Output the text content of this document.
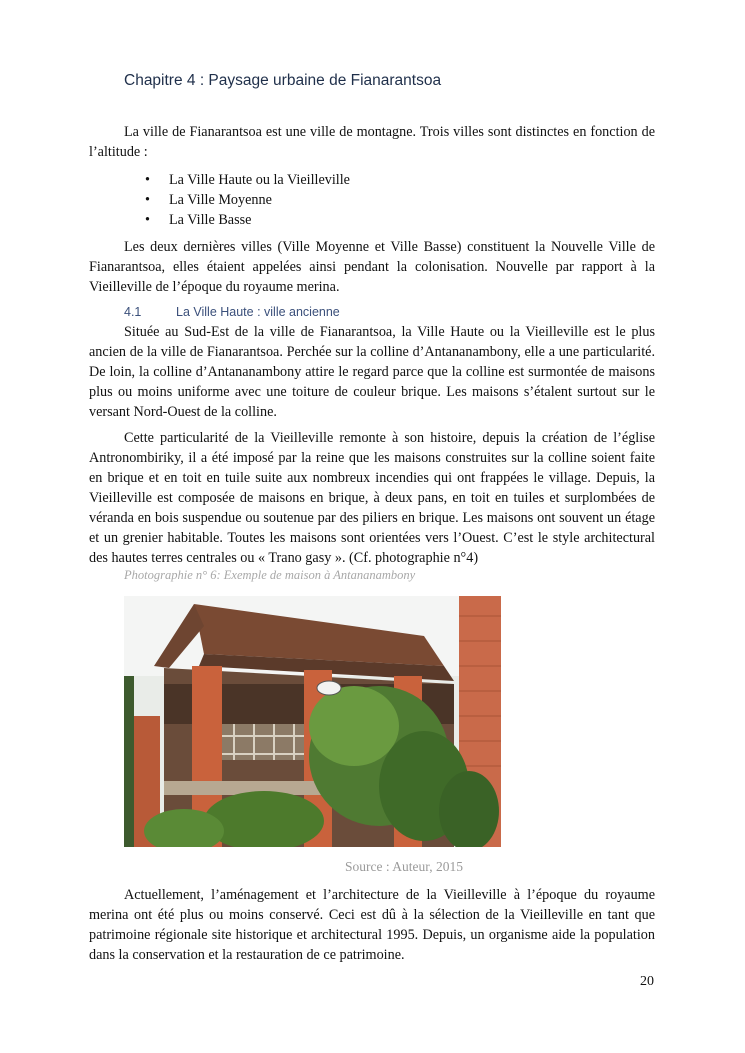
Chapitre 4 : Paysage urbaine de Fianarantsoa

La ville de Fianarantsoa est une ville de montagne. Trois villes sont distinctes en fonction de l’altitude :

• La Ville Haute ou la Vieilleville
• La Ville Moyenne
• La Ville Basse

Les deux dernières villes (Ville Moyenne et Ville Basse) constituent la Nouvelle Ville de Fianarantsoa, elles étaient appelées ainsi pendant la colonisation. Nouvelle par rapport à la Vieilleville de l’époque du royaume merina.

4.1	La Ville Haute : ville ancienne

Située au Sud-Est de la ville de Fianarantsoa, la Ville Haute ou la Vieilleville est le plus ancien de la ville de Fianarantsoa. Perchée sur la colline d’Antananambony, elle a une particularité. De loin, la colline d’Antananambony attire le regard parce que la colline est surmontée de maisons plus ou moins uniforme avec une toiture de couleur brique. Les maisons s’étalent surtout sur le versant Nord-Ouest de la colline.

Cette particularité de la Vieilleville remonte à son histoire, depuis la création de l’église Antronombiriky, il a été imposé par la reine que les maisons construites sur la colline soient faite en brique et en toit en tuile suite aux nombreux incendies qui ont frappées le village. Depuis, la Vieilleville est composée de maisons en brique, à deux pans, en toit en tuiles et surplombées de véranda en bois suspendue ou soutenue par des piliers en brique. Les maisons ont souvent un étage et un grenier habitable. Toutes les maisons sont orientées vers l’Ouest. C’est le style architectural des hautes terres centrales ou « Trano gasy ». (Cf. photographie n°4)

Photographie n° 6: Exemple de maison à Antananambony
Source : Auteur, 2015

Actuellement, l’aménagement et l’architecture de la Vieilleville à l’époque du royaume merina ont été plus ou moins conservé. Ceci est dû à la sélection de la Vieilleville en tant que patrimoine régionale site historique et architectural 1995. Depuis, un organisme aide la population dans la conservation et la restauration de ce patrimoine.

20
